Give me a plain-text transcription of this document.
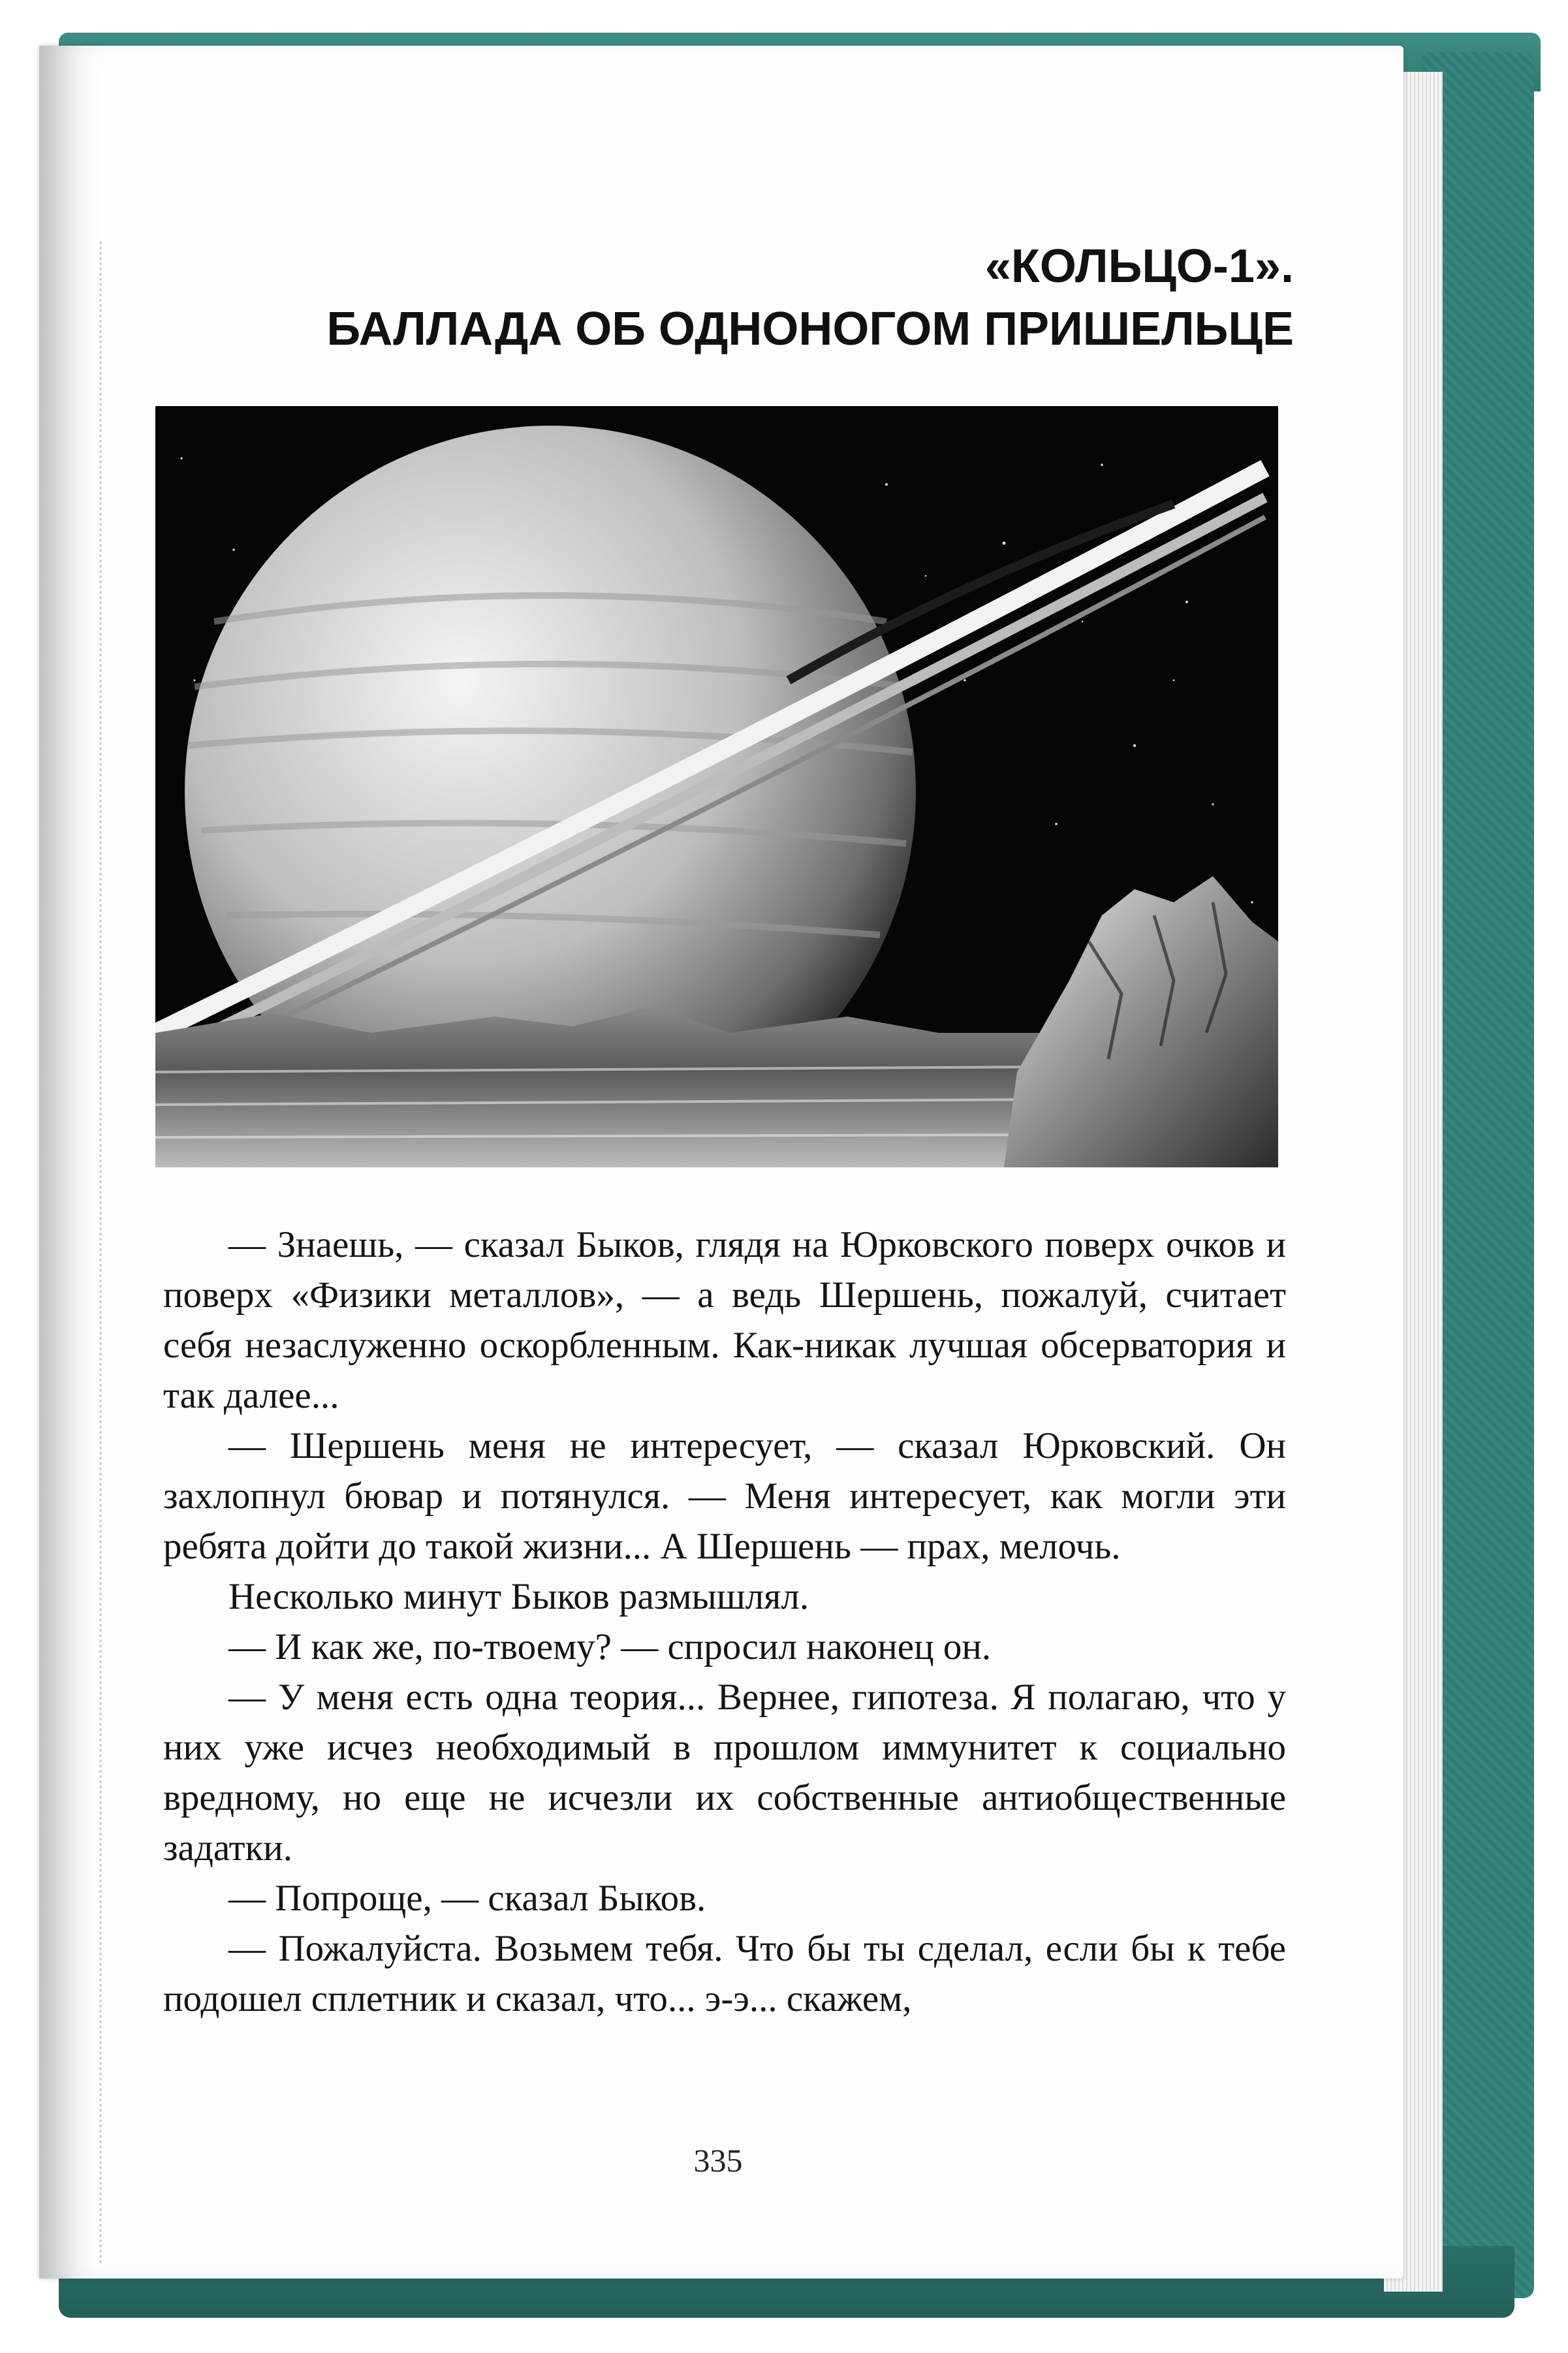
«КОЛЬЦО-1».
БАЛЛАДА ОБ ОДНОНОГОМ ПРИШЕЛЬЦЕ

— Знаешь, — сказал Быков, глядя на Юрковского поверх очков и поверх «Физики металлов», — а ведь Шершень, пожалуй, считает себя незаслуженно оскорбленным. Как-никак лучшая обсерватория и так далее...

— Шершень меня не интересует, — сказал Юрковский. Он захлопнул бювар и потянулся. — Меня интересует, как могли эти ребята дойти до такой жизни... А Шершень — прах, мелочь.

Несколько минут Быков размышлял.

— И как же, по-твоему? — спросил наконец он.

— У меня есть одна теория... Вернее, гипотеза. Я полагаю, что у них уже исчез необходимый в прошлом иммунитет к социально вредному, но еще не исчезли их собственные антиобщественные задатки.

— Попроще, — сказал Быков.

— Пожалуйста. Возьмем тебя. Что бы ты сделал, если бы к тебе подошел сплетник и сказал, что... э-э... скажем,

335
